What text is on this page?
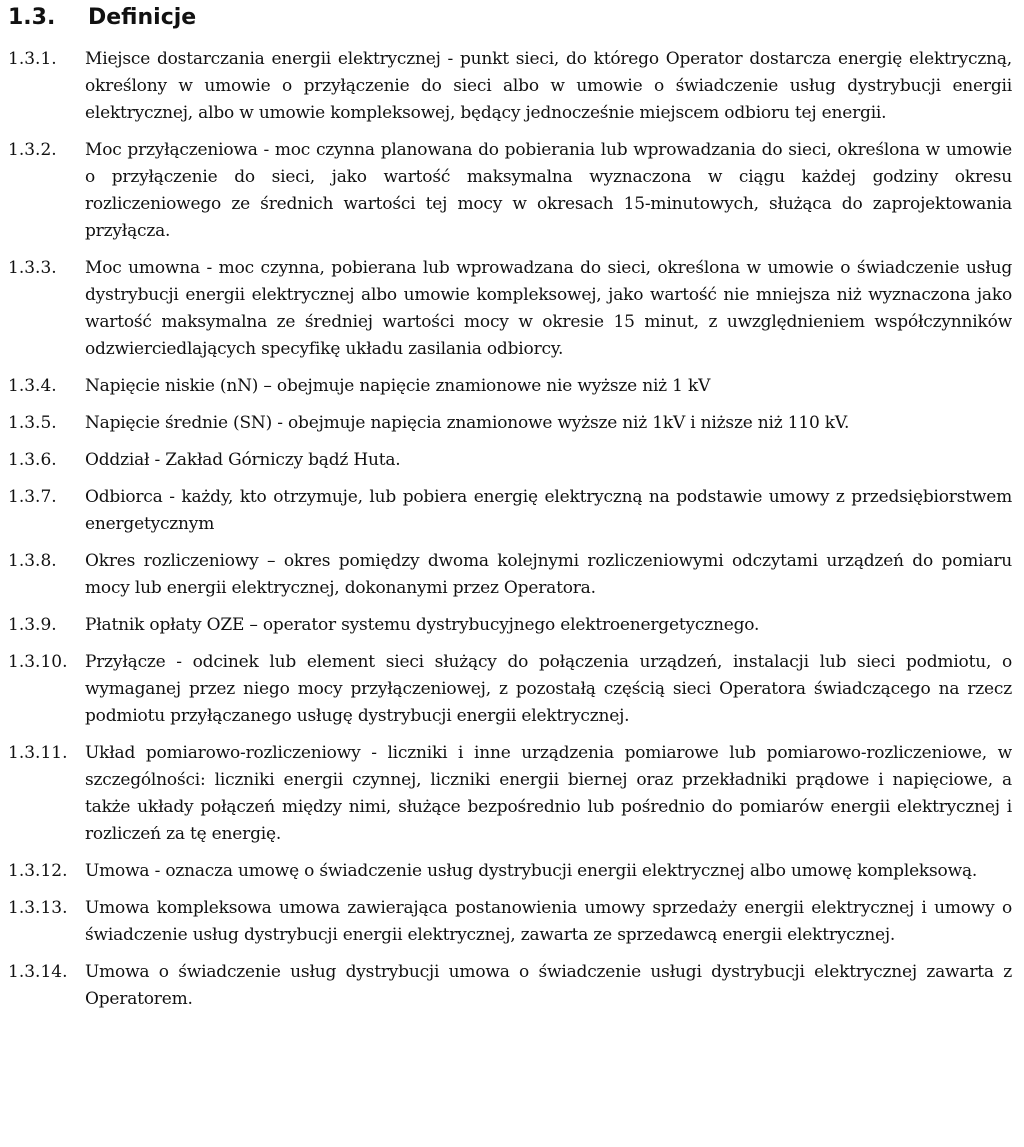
1.3. Definicje
1.3.1.	Miejsce dostarczania energii elektrycznej - punkt sieci, do którego Operator dostarcza energię elektryczną, określony w umowie o przyłączenie do sieci albo w umowie o świadczenie usług dystrybucji energii elektrycznej, albo w umowie kompleksowej, będący jednocześnie miejscem odbioru tej energii.
1.3.2.	Moc przyłączeniowa - moc czynna planowana do pobierania lub wprowadzania do sieci, określona w umowie o przyłączenie do sieci, jako wartość maksymalna wyznaczona w ciągu każdej godziny okresu rozliczeniowego ze średnich wartości tej mocy w okresach 15-minutowych, służąca do zaprojektowania przyłącza.
1.3.3.	Moc umowna - moc czynna, pobierana lub wprowadzana do sieci, określona w umowie o świadczenie usług dystrybucji energii elektrycznej albo umowie kompleksowej, jako wartość nie mniejsza niż wyznaczona jako wartość maksymalna ze średniej wartości mocy w okresie 15 minut, z uwzględnieniem współczynników odzwierciedlających specyfikę układu zasilania odbiorcy.
1.3.4.	Napięcie niskie (nN) – obejmuje napięcie znamionowe nie wyższe niż 1 kV
1.3.5.	Napięcie średnie (SN) - obejmuje napięcia znamionowe wyższe niż 1kV i niższe niż 110 kV.
1.3.6.	Oddział - Zakład Górniczy bądź Huta.
1.3.7.	Odbiorca - każdy, kto otrzymuje, lub pobiera energię elektryczną na podstawie umowy z przedsiębiorstwem energetycznym
1.3.8.	Okres rozliczeniowy – okres pomiędzy dwoma kolejnymi rozliczeniowymi odczytami urządzeń do pomiaru mocy lub energii elektrycznej, dokonanymi przez Operatora.
1.3.9.	Płatnik opłaty OZE – operator systemu dystrybucyjnego elektroenergetycznego.
1.3.10.	Przyłącze - odcinek lub element sieci służący do połączenia urządzeń, instalacji lub sieci podmiotu, o wymaganej przez niego mocy przyłączeniowej, z pozostałą częścią sieci Operatora świadczącego na rzecz podmiotu przyłączanego usługę dystrybucji energii elektrycznej.
1.3.11.	Układ pomiarowo-rozliczeniowy - liczniki i inne urządzenia pomiarowe lub pomiarowo-rozliczeniowe, w szczególności: liczniki energii czynnej, liczniki energii biernej oraz przekładniki prądowe i napięciowe, a także układy połączeń między nimi, służące bezpośrednio lub pośrednio do pomiarów energii elektrycznej i rozliczeń za tę energię.
1.3.12.	Umowa - oznacza umowę o świadczenie usług dystrybucji energii elektrycznej albo umowę kompleksową.
1.3.13.	Umowa kompleksowa umowa zawierająca postanowienia umowy sprzedaży energii elektrycznej i umowy o świadczenie usług dystrybucji energii elektrycznej, zawarta ze sprzedawcą energii elektrycznej.
1.3.14.	Umowa o świadczenie usług dystrybucji umowa o świadczenie usługi dystrybucji elektrycznej zawarta z Operatorem.
